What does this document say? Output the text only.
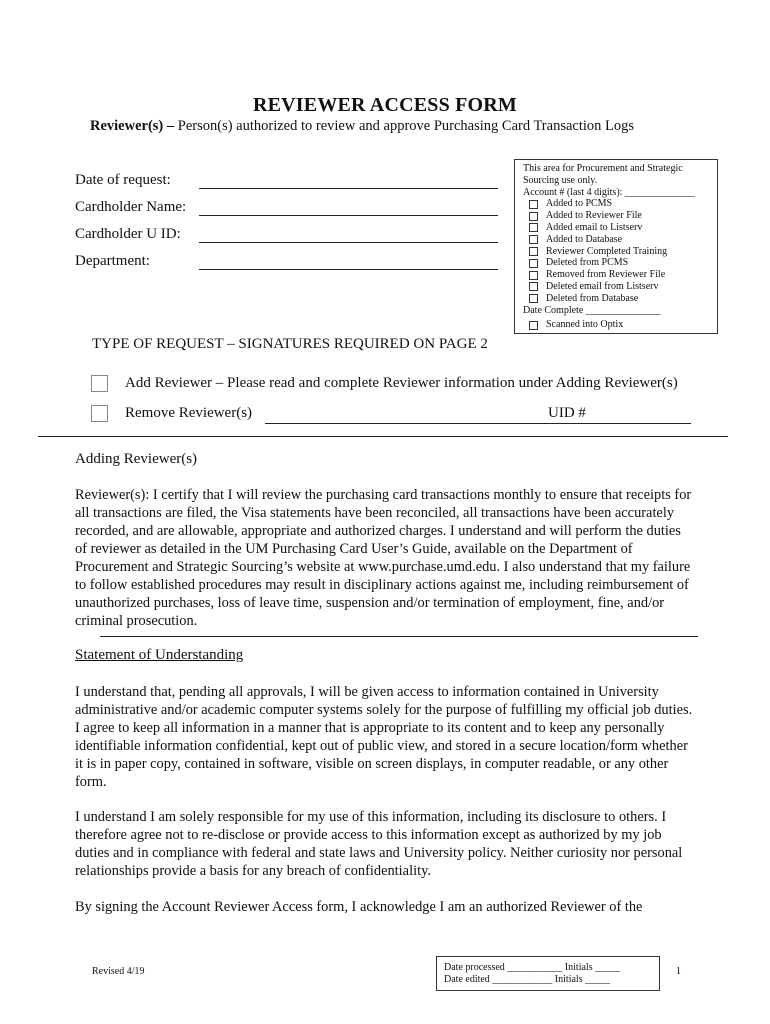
REVIEWER ACCESS FORM
Reviewer(s) – Person(s) authorized to review and approve Purchasing Card Transaction Logs
Date of request:
Cardholder Name:
Cardholder U ID:
Department:
This area for Procurement and Strategic
Sourcing use only.
Account # (last 4 digits): ______________
Added to PCMS
Added to Reviewer File
Added email to Listserv
Added to Database
Reviewer Completed Training
Deleted from PCMS
Removed from Reviewer File
Deleted email from Listserv
Deleted from Database
Date Complete _______________
Scanned into Optix
TYPE OF REQUEST – SIGNATURES REQUIRED ON PAGE 2
Add Reviewer – Please read and complete Reviewer information under Adding Reviewer(s)
Remove Reviewer(s)	UID #
Adding Reviewer(s)

Reviewer(s): I certify that I will review the purchasing card transactions monthly to ensure that receipts for all transactions are filed, the Visa statements have been reconciled, all transactions have been accurately recorded, and are allowable, appropriate and authorized charges. I understand and will perform the duties of reviewer as detailed in the UM Purchasing Card User’s Guide, available on the Department of Procurement and Strategic Sourcing’s website at www.purchase.umd.edu. I also understand that my failure to follow established procedures may result in disciplinary actions against me, including reimbursement of unauthorized purchases, loss of leave time, suspension and/or termination of employment, fine, and/or criminal prosecution.

Statement of Understanding

I understand that, pending all approvals, I will be given access to information contained in University administrative and/or academic computer systems solely for the purpose of fulfilling my official job duties. I agree to keep all information in a manner that is appropriate to its content and to keep any personally identifiable information confidential, kept out of public view, and stored in a secure location/form whether it is in paper copy, contained in software, visible on screen displays, in computer readable, or any other form.

I understand I am solely responsible for my use of this information, including its disclosure to others. I therefore agree not to re-disclose or provide access to this information except as authorized by my job duties and in compliance with federal and state laws and University policy. Neither curiosity nor personal relationships provide a basis for any breach of confidentiality.

By signing the Account Reviewer Access form, I acknowledge I am an authorized Reviewer of the

Revised 4/19	Date processed ___________ Initials _____
Date edited ____________ Initials _____
1
